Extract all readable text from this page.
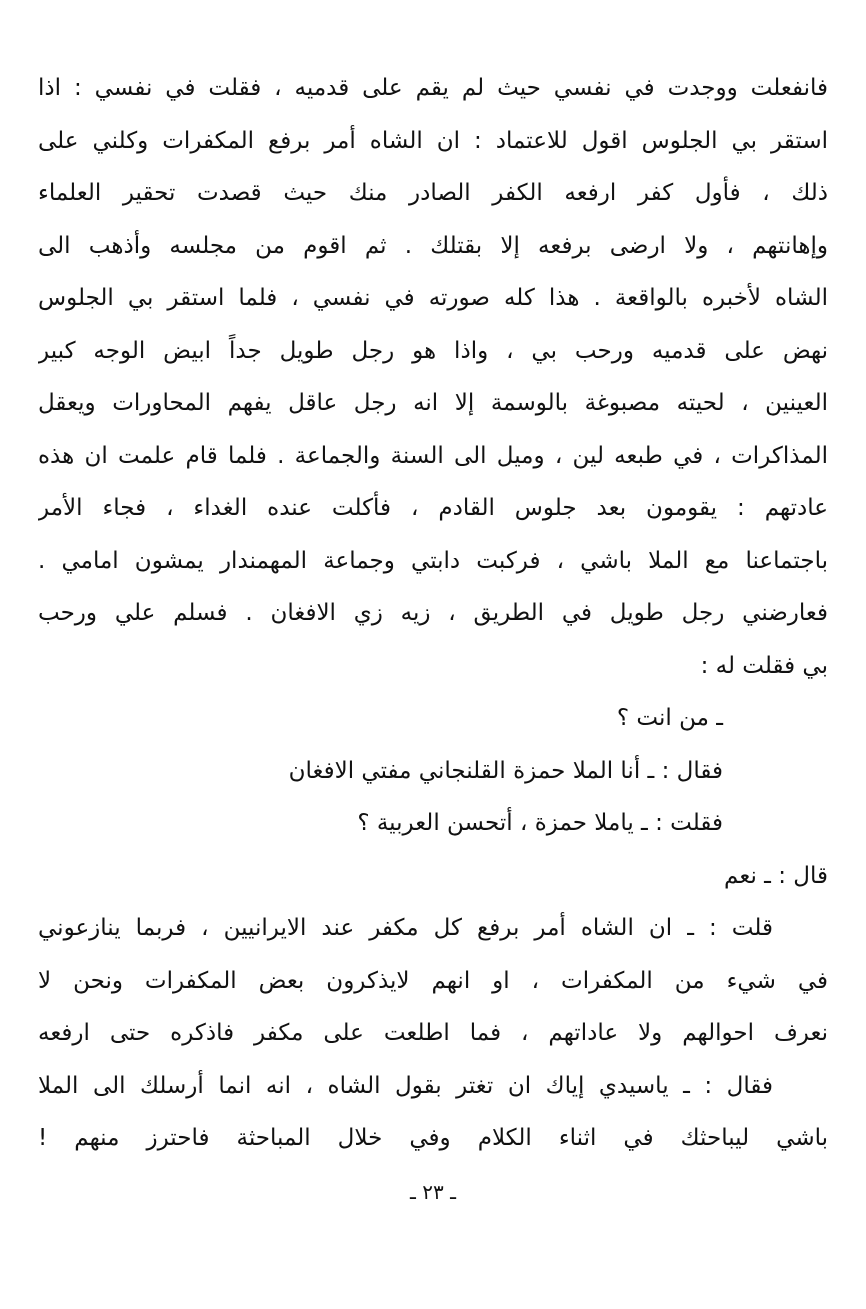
فانفعلت ووجدت في نفسي حيث لم يقم على قدميه ، فقلت في نفسي : اذا
استقر بي الجلوس اقول للاعتماد : ان الشاه أمر برفع المكفرات وكلني على
ذلك ، فأول كفر ارفعه الكفر الصادر منك حيث قصدت تحقير العلماء
وإهانتهم ، ولا ارضى برفعه إلا بقتلك . ثم اقوم من مجلسه وأذهب الى
الشاه لأخبره بالواقعة . هذا كله صورته في نفسي ، فلما استقر بي الجلوس
نهض على قدميه ورحب بي ، واذا هو رجل طويل جداً ابيض الوجه كبير
العينين ، لحيته مصبوغة بالوسمة إلا انه رجل عاقل يفهم المحاورات ويعقل
المذاكرات ، في طبعه لين ، وميل الى السنة والجماعة . فلما قام علمت ان هذه
عادتهم : يقومون بعد جلوس القادم ، فأكلت عنده الغداء ، فجاء الأمر
باجتماعنا مع الملا باشي ، فركبت دابتي وجماعة المهمندار يمشون امامي .
فعارضني رجل طويل في الطريق ، زيه زي الافغان . فسلم علي ورحب
بي فقلت له :
ـ من انت ؟
فقال : ـ أنا الملا حمزة القلنجاني مفتي الافغان
فقلت : ـ ياملا حمزة ، أتحسن العربية ؟
قال : ـ نعم
قلت : ـ ان الشاه أمر برفع كل مكفر عند الايرانيين ، فربما ينازعوني
في شيء من المكفرات ، او انهم لايذكرون بعض المكفرات ونحن لا
نعرف احوالهم ولا عاداتهم ، فما اطلعت على مكفر فاذكره حتى ارفعه
فقال : ـ ياسيدي إياك ان تغتر بقول الشاه ، انه انما أرسلك الى الملا
باشي ليباحثك في اثناء الكلام وفي خلال المباحثة فاحترز منهم !
ـ ٢٣ ـ
